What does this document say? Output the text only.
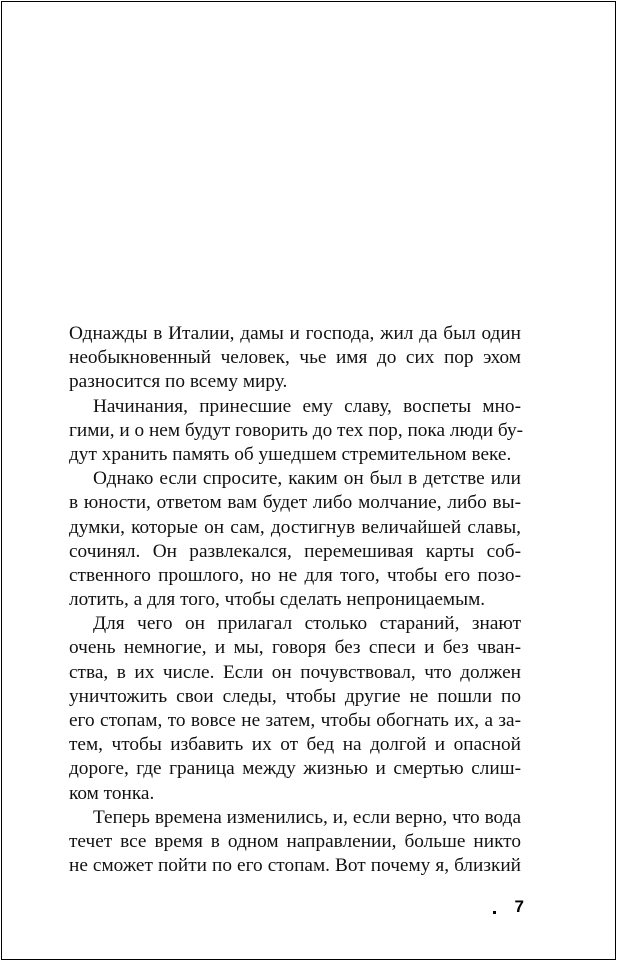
Однажды в Италии, дамы и господа, жил да был один
необыкновенный человек, чье имя до сих пор эхом
разносится по всему миру.
Начинания, принесшие ему славу, воспеты мно-
гими, и о нем будут говорить до тех пор, пока люди бу-
дут хранить память об ушедшем стремительном веке.
Однако если спросите, каким он был в детстве или
в юности, ответом вам будет либо молчание, либо вы-
думки, которые он сам, достигнув величайшей славы,
сочинял. Он развлекался, перемешивая карты соб-
ственного прошлого, но не для того, чтобы его позо-
лотить, а для того, чтобы сделать непроницаемым.
Для чего он прилагал столько стараний, знают
очень немногие, и мы, говоря без спеси и без чван-
ства, в их числе. Если он почувствовал, что должен
уничтожить свои следы, чтобы другие не пошли по
его стопам, то вовсе не затем, чтобы обогнать их, а за-
тем, чтобы избавить их от бед на долгой и опасной
дороге, где граница между жизнью и смертью слиш-
ком тонка.
Теперь времена изменились, и, если верно, что вода
течет все время в одном направлении, больше никто
не сможет пойти по его стопам. Вот почему я, близкий
7
